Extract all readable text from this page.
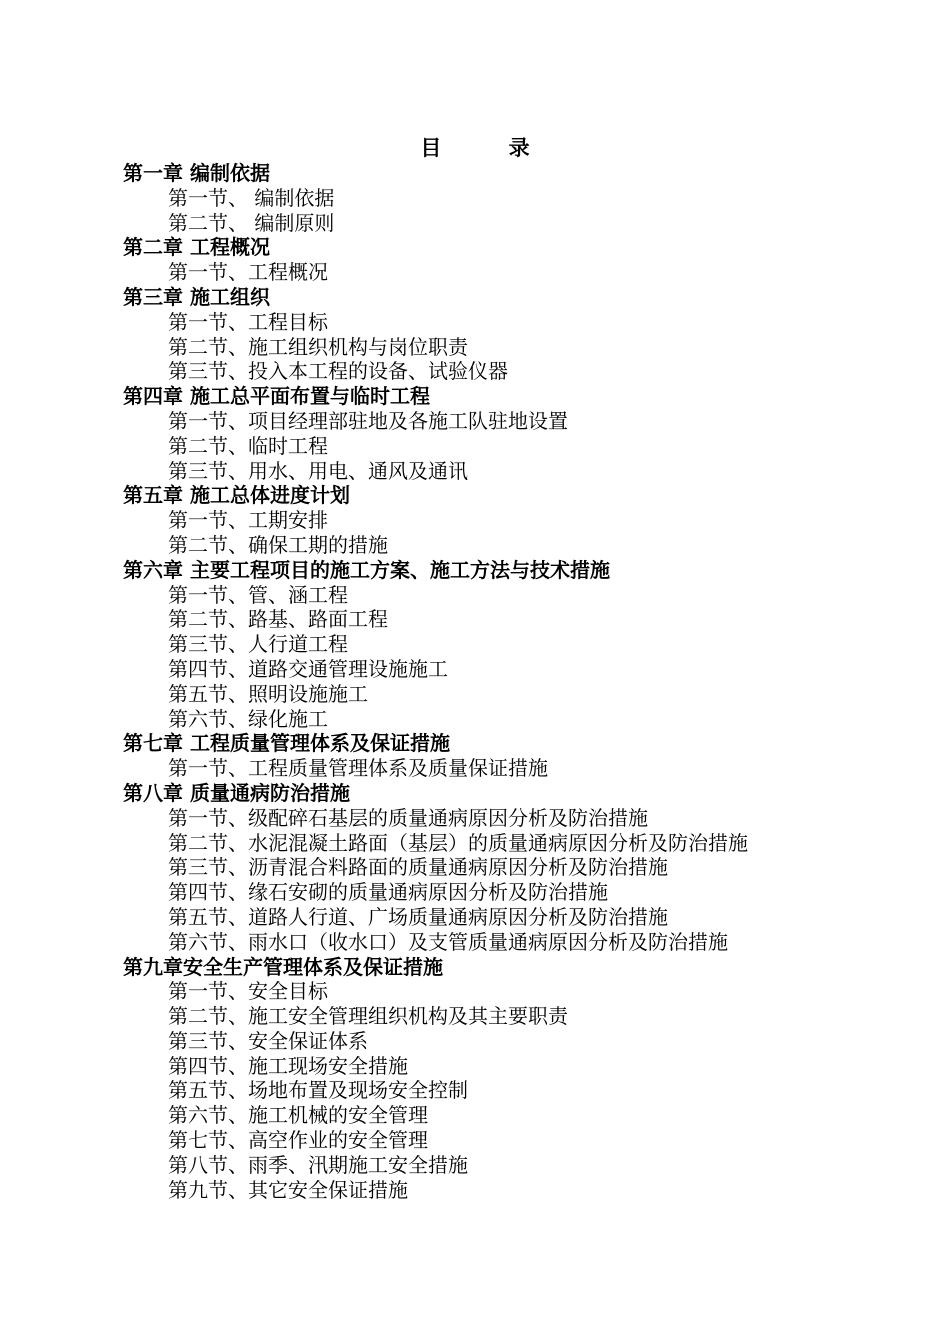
目 录
第一章 编制依据
第一节、 编制依据
第二节、 编制原则
第二章 工程概况
第一节、工程概况
第三章 施工组织
第一节、工程目标
第二节、施工组织机构与岗位职责
第三节、投入本工程的设备、试验仪器
第四章 施工总平面布置与临时工程
第一节、项目经理部驻地及各施工队驻地设置
第二节、临时工程
第三节、用水、用电、通风及通讯
第五章 施工总体进度计划
第一节、工期安排
第二节、确保工期的措施
第六章 主要工程项目的施工方案、施工方法与技术措施
第一节、管、涵工程
第二节、路基、路面工程
第三节、人行道工程
第四节、道路交通管理设施施工
第五节、照明设施施工
第六节、绿化施工
第七章 工程质量管理体系及保证措施
第一节、工程质量管理体系及质量保证措施
第八章 质量通病防治措施
第一节、级配碎石基层的质量通病原因分析及防治措施
第二节、水泥混凝土路面（基层）的质量通病原因分析及防治措施
第三节、沥青混合料路面的质量通病原因分析及防治措施
第四节、缘石安砌的质量通病原因分析及防治措施
第五节、道路人行道、广场质量通病原因分析及防治措施
第六节、雨水口（收水口）及支管质量通病原因分析及防治措施
第九章安全生产管理体系及保证措施
第一节、安全目标
第二节、施工安全管理组织机构及其主要职责
第三节、安全保证体系
第四节、施工现场安全措施
第五节、场地布置及现场安全控制
第六节、施工机械的安全管理
第七节、高空作业的安全管理
第八节、雨季、汛期施工安全措施
第九节、其它安全保证措施
